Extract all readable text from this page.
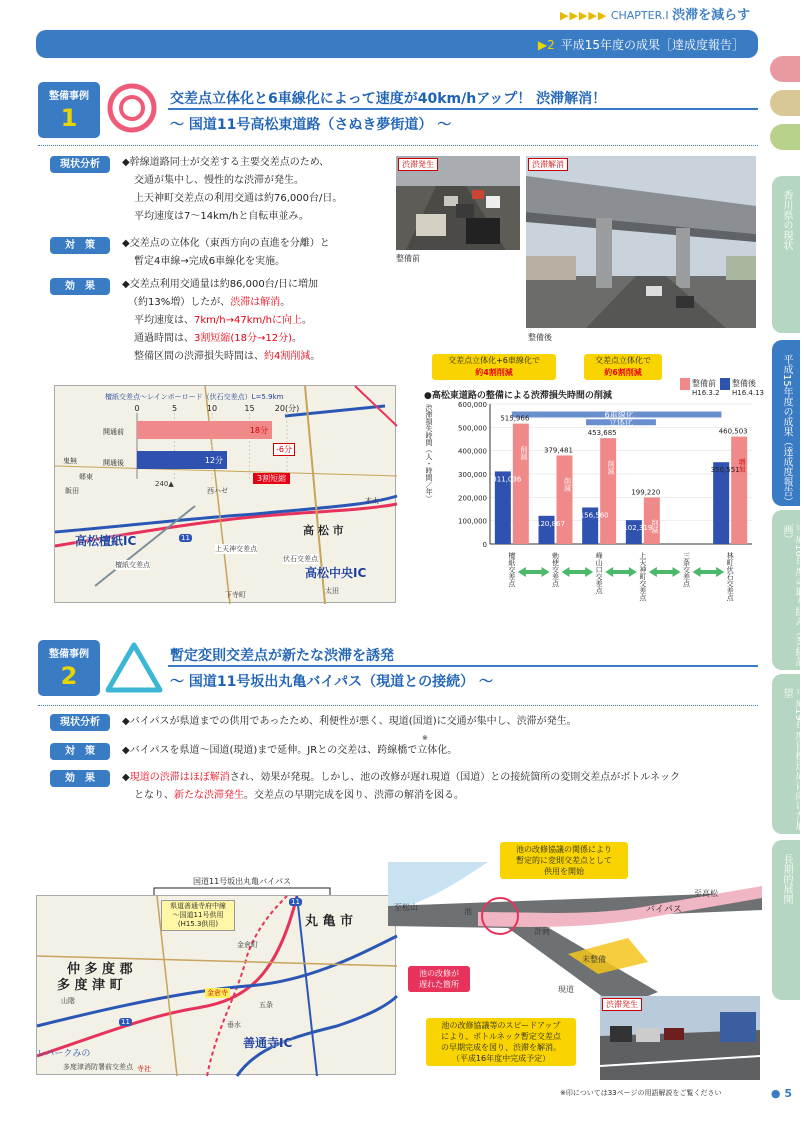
▶▶▶▶▶ CHAPTER.I 渋滞を減らす
▶2 平成15年度の成果［達成度報告］
香川県の現状
平成15年度の成果（達成度報告）
平成16年度の取り組み（業績計画）
平成19年度目標達成に向けた展望
長期的展開
整備事例
1
交差点立体化と6車線化によって速度が40km/hアップ！ 渋滞解消！
～ 国道11号高松東道路（さぬき夢街道） ～
現状分析	◆幹線道路同士が交差する主要交差点のため、
交通が集中し、慢性的な渋滞が発生。
上天神町交差点の利用交通は約76,000台/日。
平均速度は7～14km/hと自転車並み。
対　策	◆交差点の立体化（東西方向の直進を分離）と
暫定4車線→完成6車線化を実施。
効　果	◆交差点利用交通量は約86,000台/日に増加
（約13%増）したが、渋滞は解消。
平均速度は、7km/h→47km/hに向上。
通過時間は、3割短縮(18分→12分)。
整備区間の渋滞損失時間は、約4割削減。
渋滞発生
整備前
渋滞解消
整備後
檀紙交差点～レインボーロード（伏石交差点）L=5.9km
0	5	10	15	20(分)
18分
12分
開通前
開通後
-6分
3割短縮
高松檀紙IC
高 松 市
高松中央IC
檀紙交差点
上天神交差点
伏石交差点
11
鬼無
飯田	西ハゼ
木太
太田
下寺町
郷東
240▲
交差点立体化+6車線化で
約4割削減
交差点立体化で
約6割削減
整備前
H16.3.2
整備後
H16.4.13
●高松東道路の整備による渋滞損失時間の削減
渋滞損失時間（人・時間／年）
0
100,000
200,000
300,000
400,000
500,000
600,000
6車線化
立体化
515,966
311,036
削減
檀紙交差点
379,481
120,867
削減
勅使交差点
453,685
156,560
削減
峰山口交差点
199,220
102,319
削減
上天神町交差点	三条交差点
460,503
350,551
増加
林町伏石交差点
整備事例
2
暫定変則交差点が新たな渋滞を誘発
～ 国道11号坂出丸亀バイパス（現道との接続） ～
現状分析	◆バイパスが県道までの供用であったため、利便性が悪く、現道(国道)に交通が集中し、渋滞が発生。
対　策	◆バイパスを県道～国道(現道)まで延伸。JRとの交差は、跨線橋で立体化。
※
効　果	◆現道の渋滞はほぼ解消され、効果が発現。しかし、池の改修が遅れ現道（国道）との接続箇所の変則交差点がボトルネック
となり、新たな渋滞発生。交差点の早期完成を図り、渋滞の解消を図る。
国道11号坂出丸亀バイパス
県道善通寺府中線
～国道11号供用
(H15.3供用)	丸 亀 市
仲 多 度 郡
多 度 津 町
善通寺IC
金倉寺
多度津消防署前交差点
レパークみの
11
11
山階	五条
垂水
金倉町
寺社
池の改修協議の関係により
暫定的に変則交差点として
供用を開始
池	バイパス
至高松
至松山
計画
未整備
国道11号
現道
池の改修が
遅れた箇所
池の改修協議等のスピードアップ
により、ボトルネック暫定交差点
の早期完成を図り、渋滞を解消。
（平成16年度中完成予定）
渋滞発生
※印については33ページの用語解説をご覧ください	● 5
